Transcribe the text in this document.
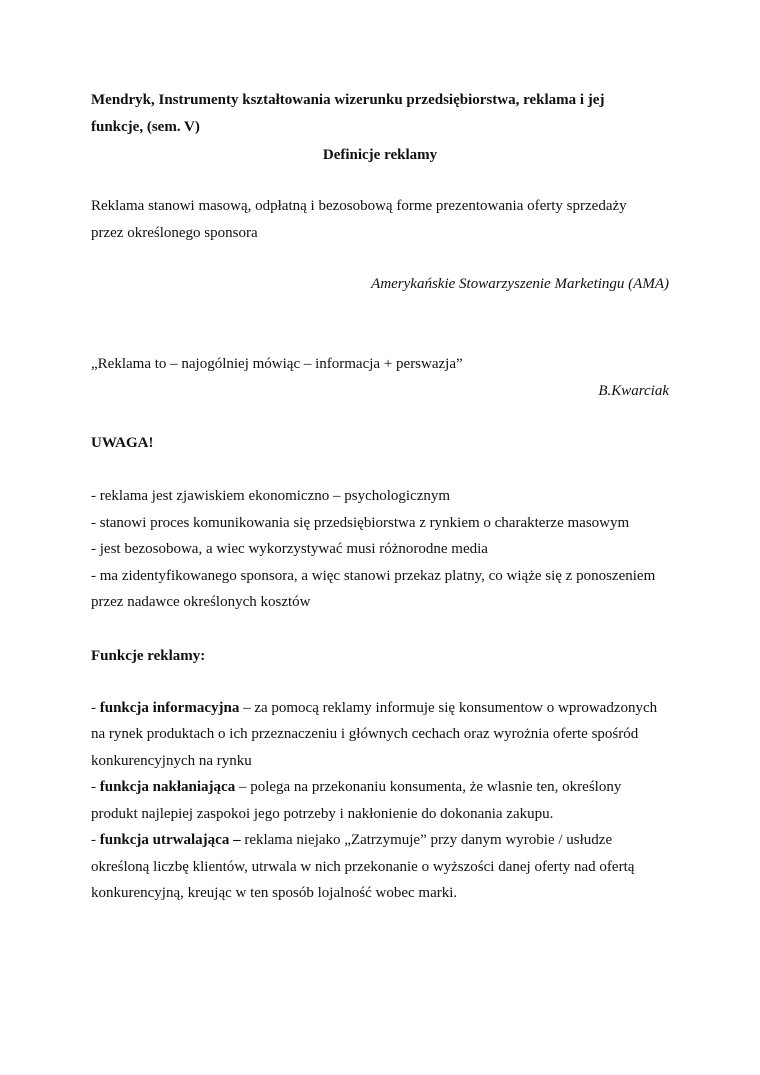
Mendryk, Instrumenty kształtowania wizerunku przedsiębiorstwa, reklama i jej
funkcje, (sem. V)
Definicje reklamy
Reklama stanowi masową, odpłatną i bezosobową forme prezentowania oferty sprzedaży
przez określonego sponsora
Amerykańskie Stowarzyszenie Marketingu (AMA)
„Reklama to – najogólniej mówiąc – informacja + perswazja”
B.Kwarciak
UWAGA!
- reklama jest zjawiskiem ekonomiczno – psychologicznym
- stanowi proces komunikowania się przedsiębiorstwa z rynkiem o charakterze masowym
- jest bezosobowa, a wiec wykorzystywać musi różnorodne media
- ma zidentyfikowanego sponsora, a więc stanowi przekaz platny, co wiąże się z ponoszeniem
przez nadawce określonych kosztów
Funkcje reklamy:
- funkcja informacyjna – za pomocą reklamy informuje się konsumentow o wprowadzonych
na rynek produktach o ich przeznaczeniu i głównych cechach oraz wyrożnia oferte spośród
konkurencyjnych na rynku
- funkcja nakłaniająca – polega na przekonaniu konsumenta, że wlasnie ten, określony
produkt najlepiej zaspokoi jego potrzeby i nakłonienie do dokonania zakupu.
- funkcja utrwalająca – reklama niejako „Zatrzymuje” przy danym wyrobie / usłudze
określoną liczbę klientów, utrwala w nich przekonanie o wyższości danej oferty nad ofertą
konkurencyjną, kreując w ten sposób lojalność wobec marki.
